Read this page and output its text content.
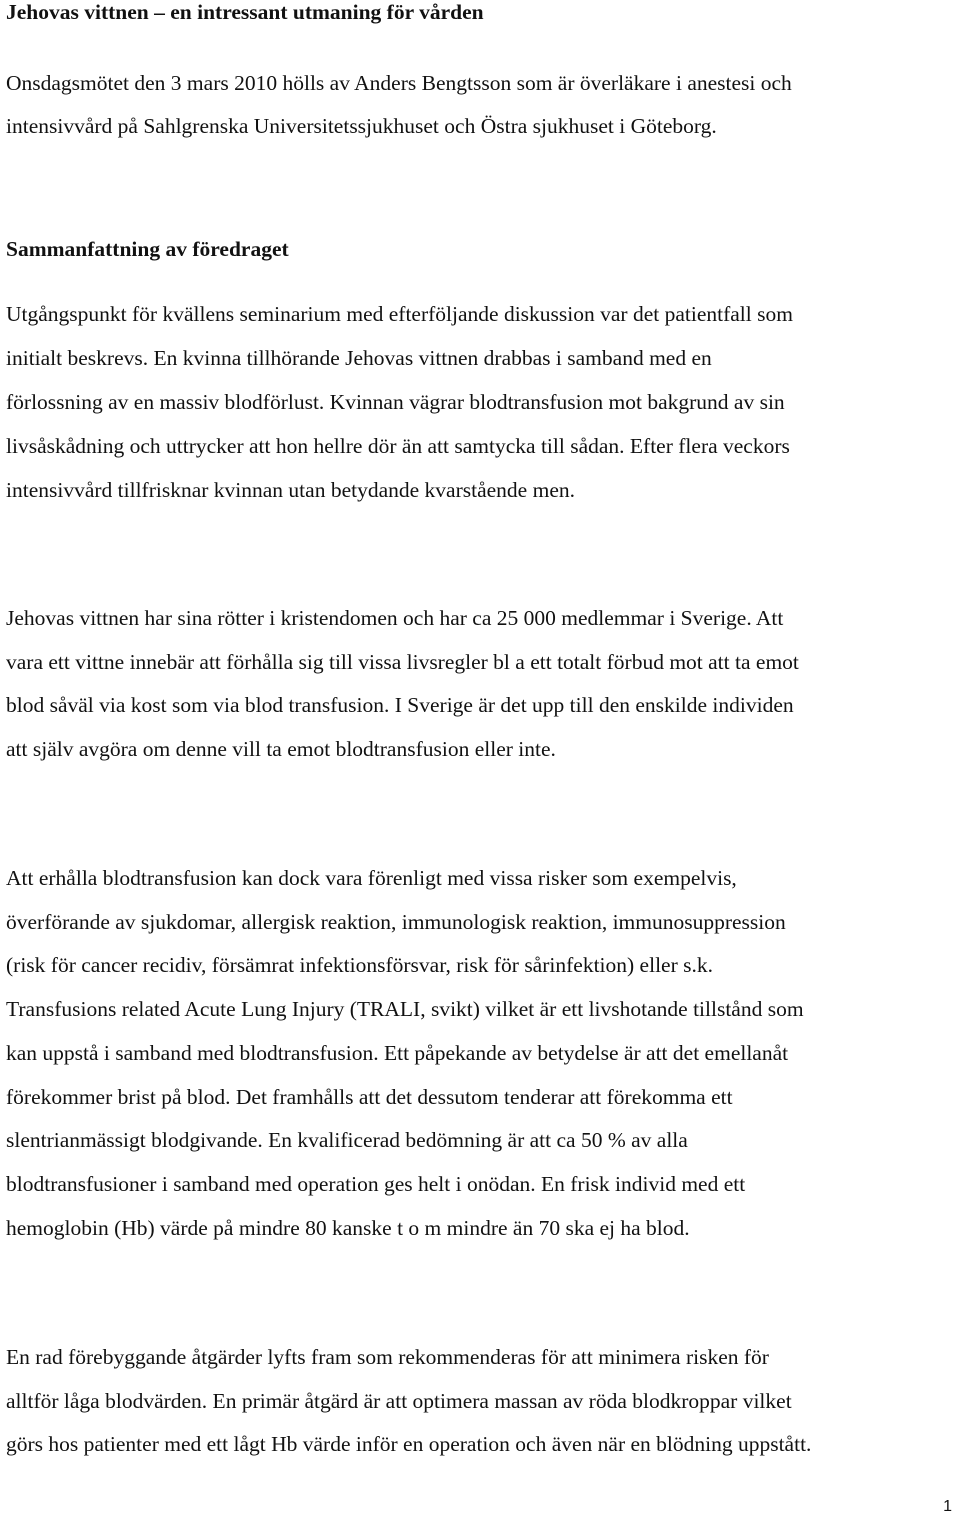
Jehovas vittnen – en intressant utmaning för vården

Onsdagsmötet den 3 mars 2010 hölls av Anders Bengtsson som är överläkare i anestesi och
intensivvård på Sahlgrenska Universitetssjukhuset och Östra sjukhuset i Göteborg.

Sammanfattning av föredraget

Utgångspunkt för kvällens seminarium med efterföljande diskussion var det patientfall som
initialt beskrevs. En kvinna tillhörande Jehovas vittnen drabbas i samband med en
förlossning av en massiv blodförlust. Kvinnan vägrar blodtransfusion mot bakgrund av sin
livsåskådning och uttrycker att hon hellre dör än att samtycka till sådan. Efter flera veckors
intensivvård tillfrisknar kvinnan utan betydande kvarstående men.

Jehovas vittnen har sina rötter i kristendomen och har ca 25 000 medlemmar i Sverige. Att
vara ett vittne innebär att förhålla sig till vissa livsregler bl a ett totalt förbud mot att ta emot
blod såväl via kost som via blod transfusion. I Sverige är det upp till den enskilde individen
att själv avgöra om denne vill ta emot blodtransfusion eller inte.

Att erhålla blodtransfusion kan dock vara förenligt med vissa risker som exempelvis,
överförande av sjukdomar, allergisk reaktion, immunologisk reaktion, immunosuppression
(risk för cancer recidiv, försämrat infektionsförsvar, risk för sårinfektion) eller s.k.
Transfusions related Acute Lung Injury (TRALI, svikt) vilket är ett livshotande tillstånd som
kan uppstå i samband med blodtransfusion. Ett påpekande av betydelse är att det emellanåt
förekommer brist på blod. Det framhålls att det dessutom tenderar att förekomma ett
slentrianmässigt blodgivande. En kvalificerad bedömning är att ca 50 % av alla
blodtransfusioner i samband med operation ges helt i onödan. En frisk individ med ett
hemoglobin (Hb) värde på mindre 80 kanske t o m mindre än 70 ska ej ha blod.

En rad förebyggande åtgärder lyfts fram som rekommenderas för att minimera risken för
alltför låga blodvärden. En primär åtgärd är att optimera massan av röda blodkroppar vilket
görs hos patienter med ett lågt Hb värde inför en operation och även när en blödning uppstått.

1
